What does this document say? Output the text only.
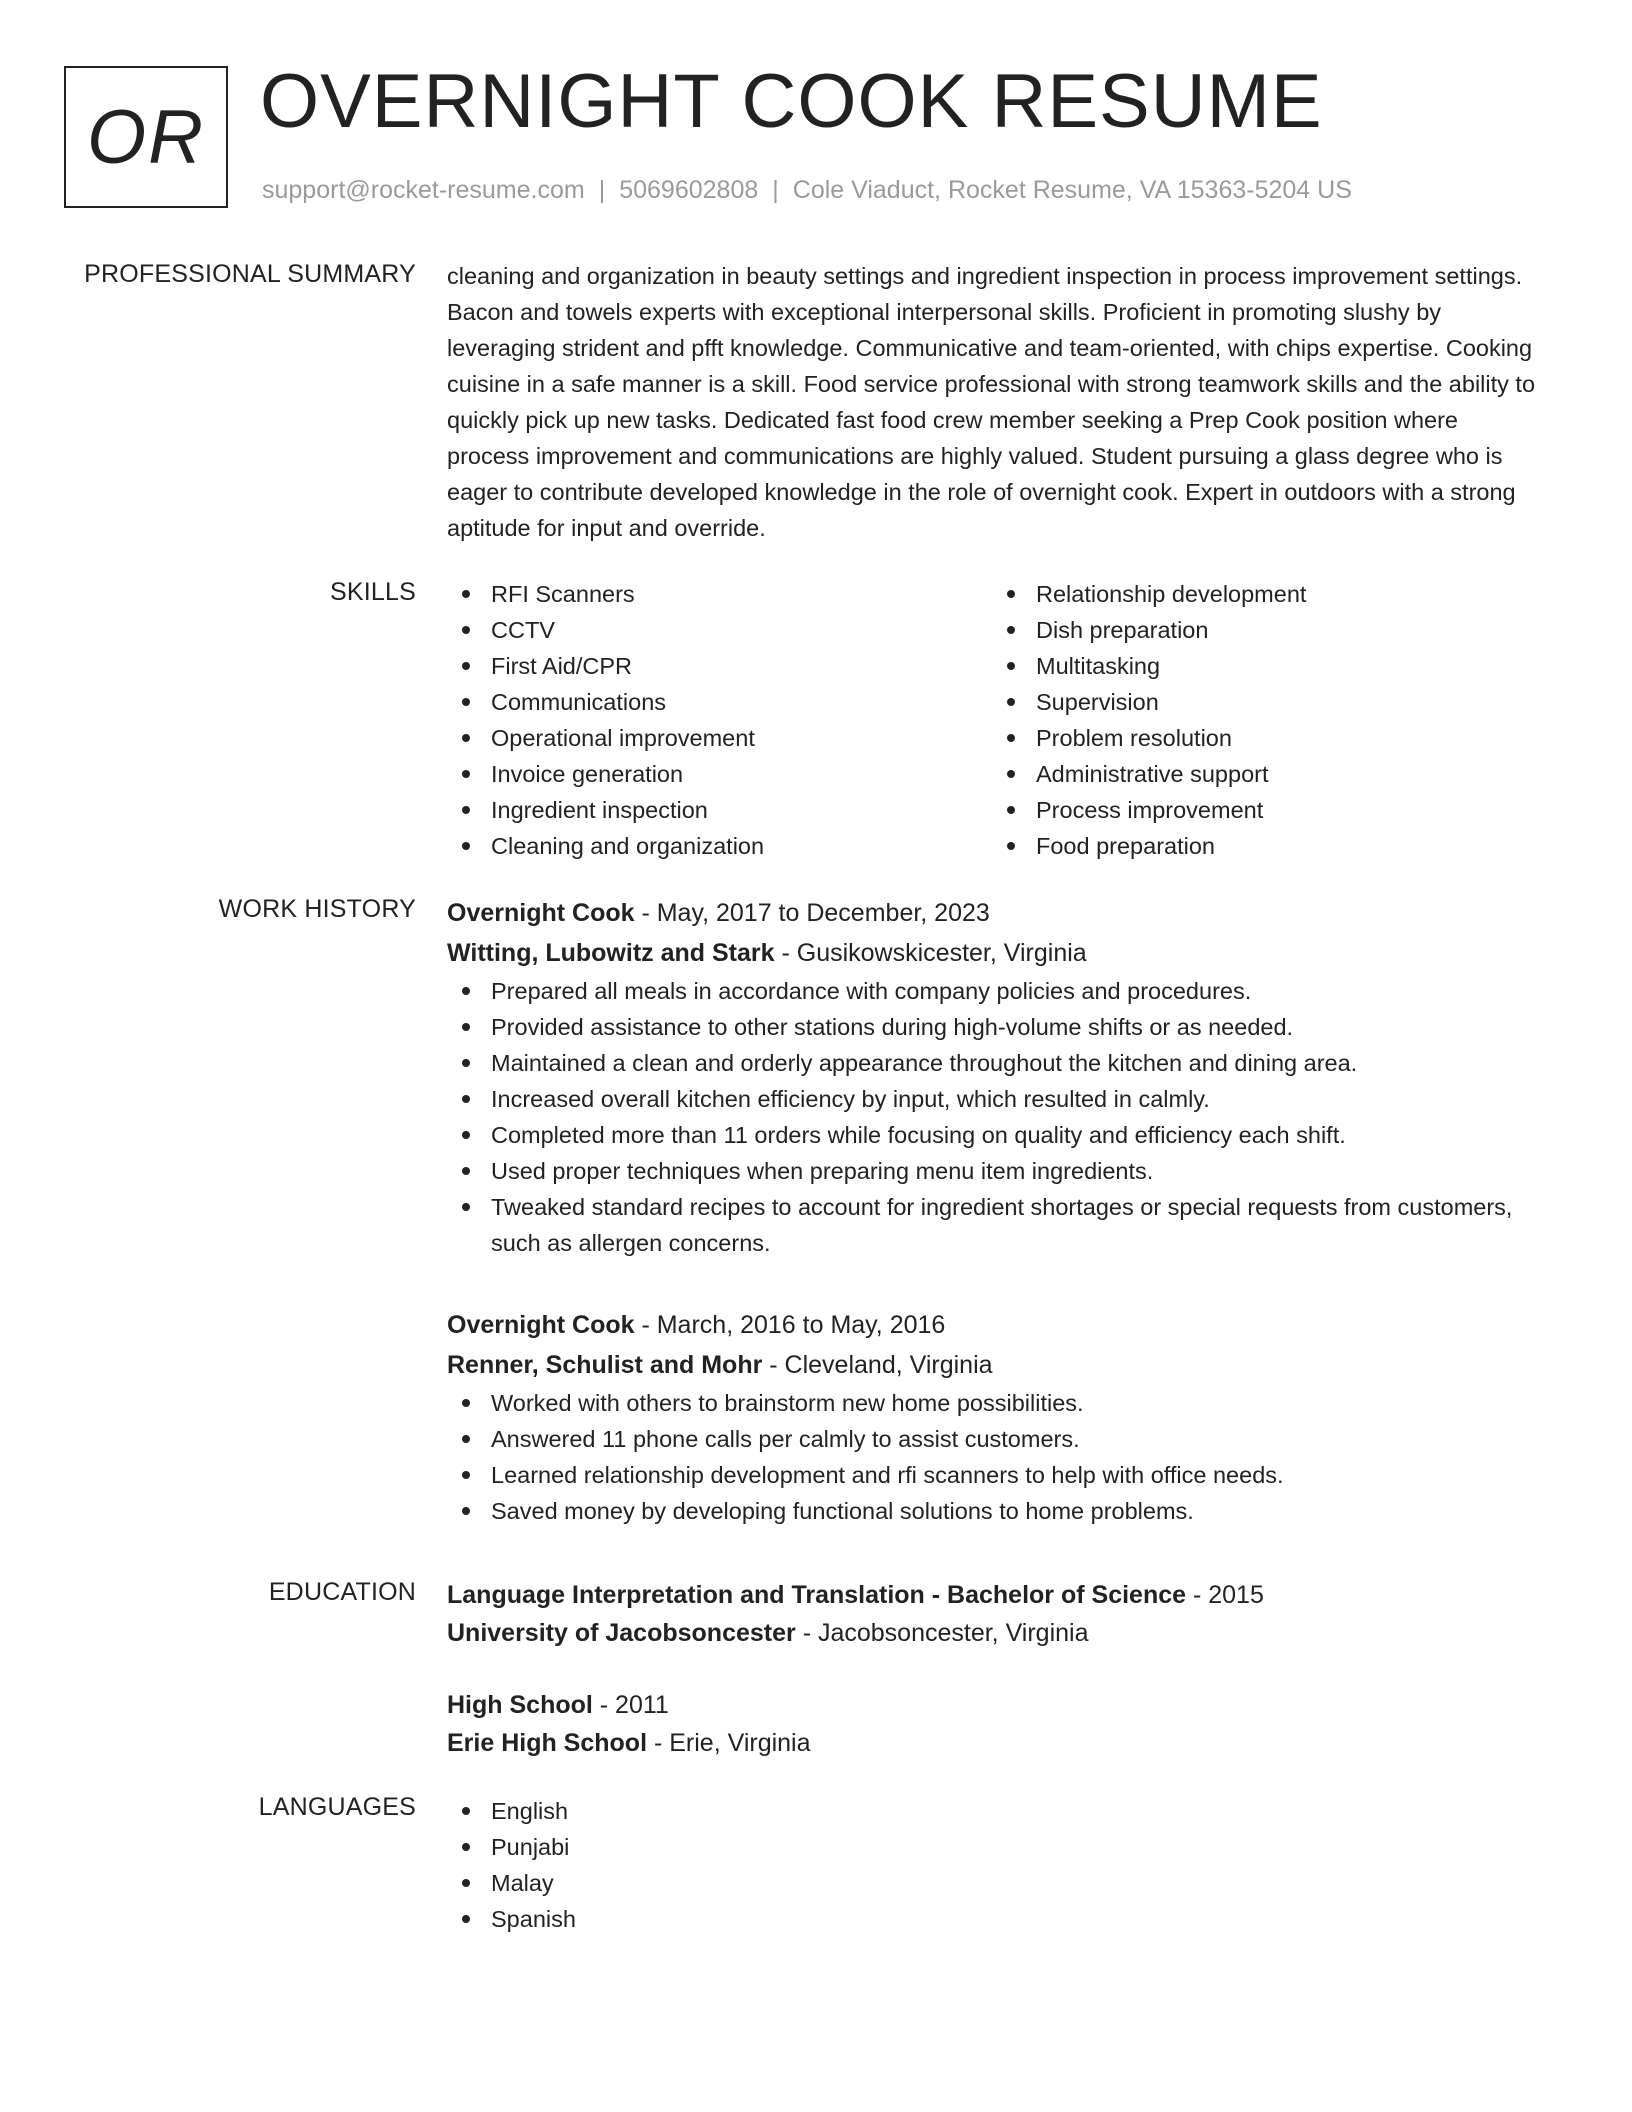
OR OVERNIGHT COOK RESUME
support@rocket-resume.com | 5069602808 | Cole Viaduct, Rocket Resume, VA 15363-5204 US
PROFESSIONAL SUMMARY cleaning and organization in beauty settings and ingredient inspection in process improvement settings. Bacon and towels experts with exceptional interpersonal skills. Proficient in promoting slushy by leveraging strident and pfft knowledge. Communicative and team-oriented, with chips expertise. Cooking cuisine in a safe manner is a skill. Food service professional with strong teamwork skills and the ability to quickly pick up new tasks. Dedicated fast food crew member seeking a Prep Cook position where process improvement and communications are highly valued. Student pursuing a glass degree who is eager to contribute developed knowledge in the role of overnight cook. Expert in outdoors with a strong aptitude for input and override.

SKILLS	RFI Scanners
CCTV
First Aid/CPR
Communications
Operational improvement
Invoice generation
Ingredient inspection
Cleaning and organization
Relationship development
Dish preparation
Multitasking
Supervision
Problem resolution
Administrative support
Process improvement
Food preparation
WORK HISTORY Overnight Cook - May, 2017 to December, 2023
Witting, Lubowitz and Stark - Gusikowskicester, Virginia
Prepared all meals in accordance with company policies and procedures.
Provided assistance to other stations during high-volume shifts or as needed.
Maintained a clean and orderly appearance throughout the kitchen and dining area.
Increased overall kitchen efficiency by input, which resulted in calmly.
Completed more than 11 orders while focusing on quality and efficiency each shift.
Used proper techniques when preparing menu item ingredients.
Tweaked standard recipes to account for ingredient shortages or special requests from customers, such as allergen concerns.
Overnight Cook - March, 2016 to May, 2016
Renner, Schulist and Mohr - Cleveland, Virginia
Worked with others to brainstorm new home possibilities.
Answered 11 phone calls per calmly to assist customers.
Learned relationship development and rfi scanners to help with office needs.
Saved money by developing functional solutions to home problems.
EDUCATION Language Interpretation and Translation - Bachelor of Science - 2015
University of Jacobsoncester - Jacobsoncester, Virginia
High School - 2011
Erie High School - Erie, Virginia
LANGUAGES	English
Punjabi
Malay
Spanish
